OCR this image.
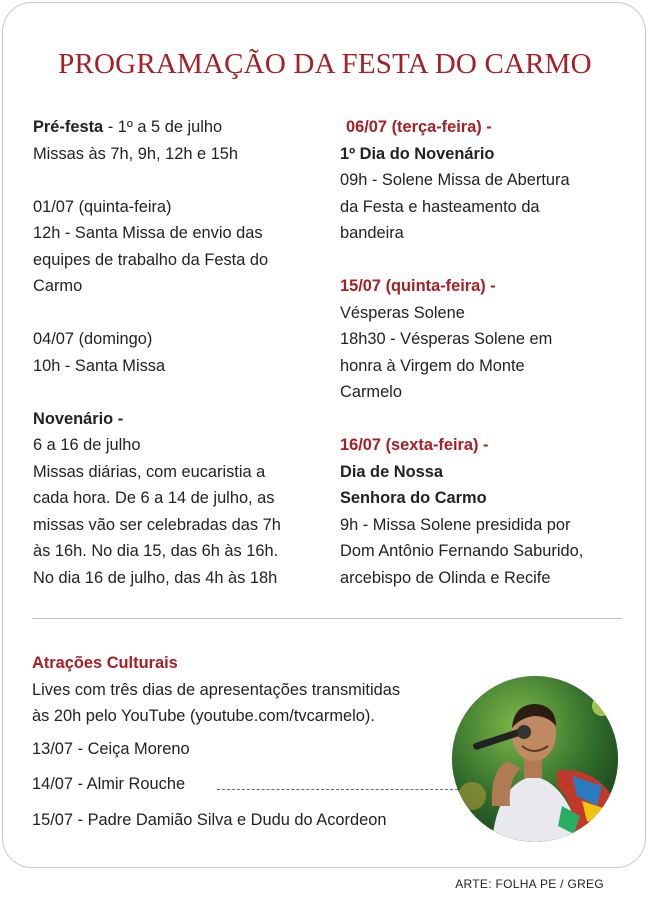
PROGRAMAÇÃO DA FESTA DO CARMO

Pré-festa - 1º a 5 de julho

Missas às 7h, 9h, 12h e 15h

01/07 (quinta-feira)

12h - Santa Missa de envio das

equipes de trabalho da Festa do

Carmo

04/07 (domingo)

10h - Santa Missa

Novenário -

6 a 16 de julho

Missas diárias, com eucaristia a

cada hora. De 6 a 14 de julho, as

missas vão ser celebradas das 7h

às 16h. No dia 15, das 6h às 16h.

No dia 16 de julho, das 4h às 18h

06/07 (terça-feira) -

1º Dia do Novenário

09h - Solene Missa de Abertura

da Festa e hasteamento da

bandeira

15/07 (quinta-feira) -

Vésperas Solene

18h30 - Vésperas Solene em

honra à Virgem do Monte

Carmelo

16/07 (sexta-feira) -

Dia de Nossa

Senhora do Carmo

9h - Missa Solene presidida por

Dom Antônio Fernando Saburido,

arcebispo de Olinda e Recife

Atrações Culturais

Lives com três dias de apresentações transmitidas

às 20h pelo YouTube (youtube.com/tvcarmelo).

13/07 - Ceiça Moreno
14/07 - Almir Rouche
15/07 - Padre Damião Silva e Dudu do Acordeon
ARTE: FOLHA PE / GREG
